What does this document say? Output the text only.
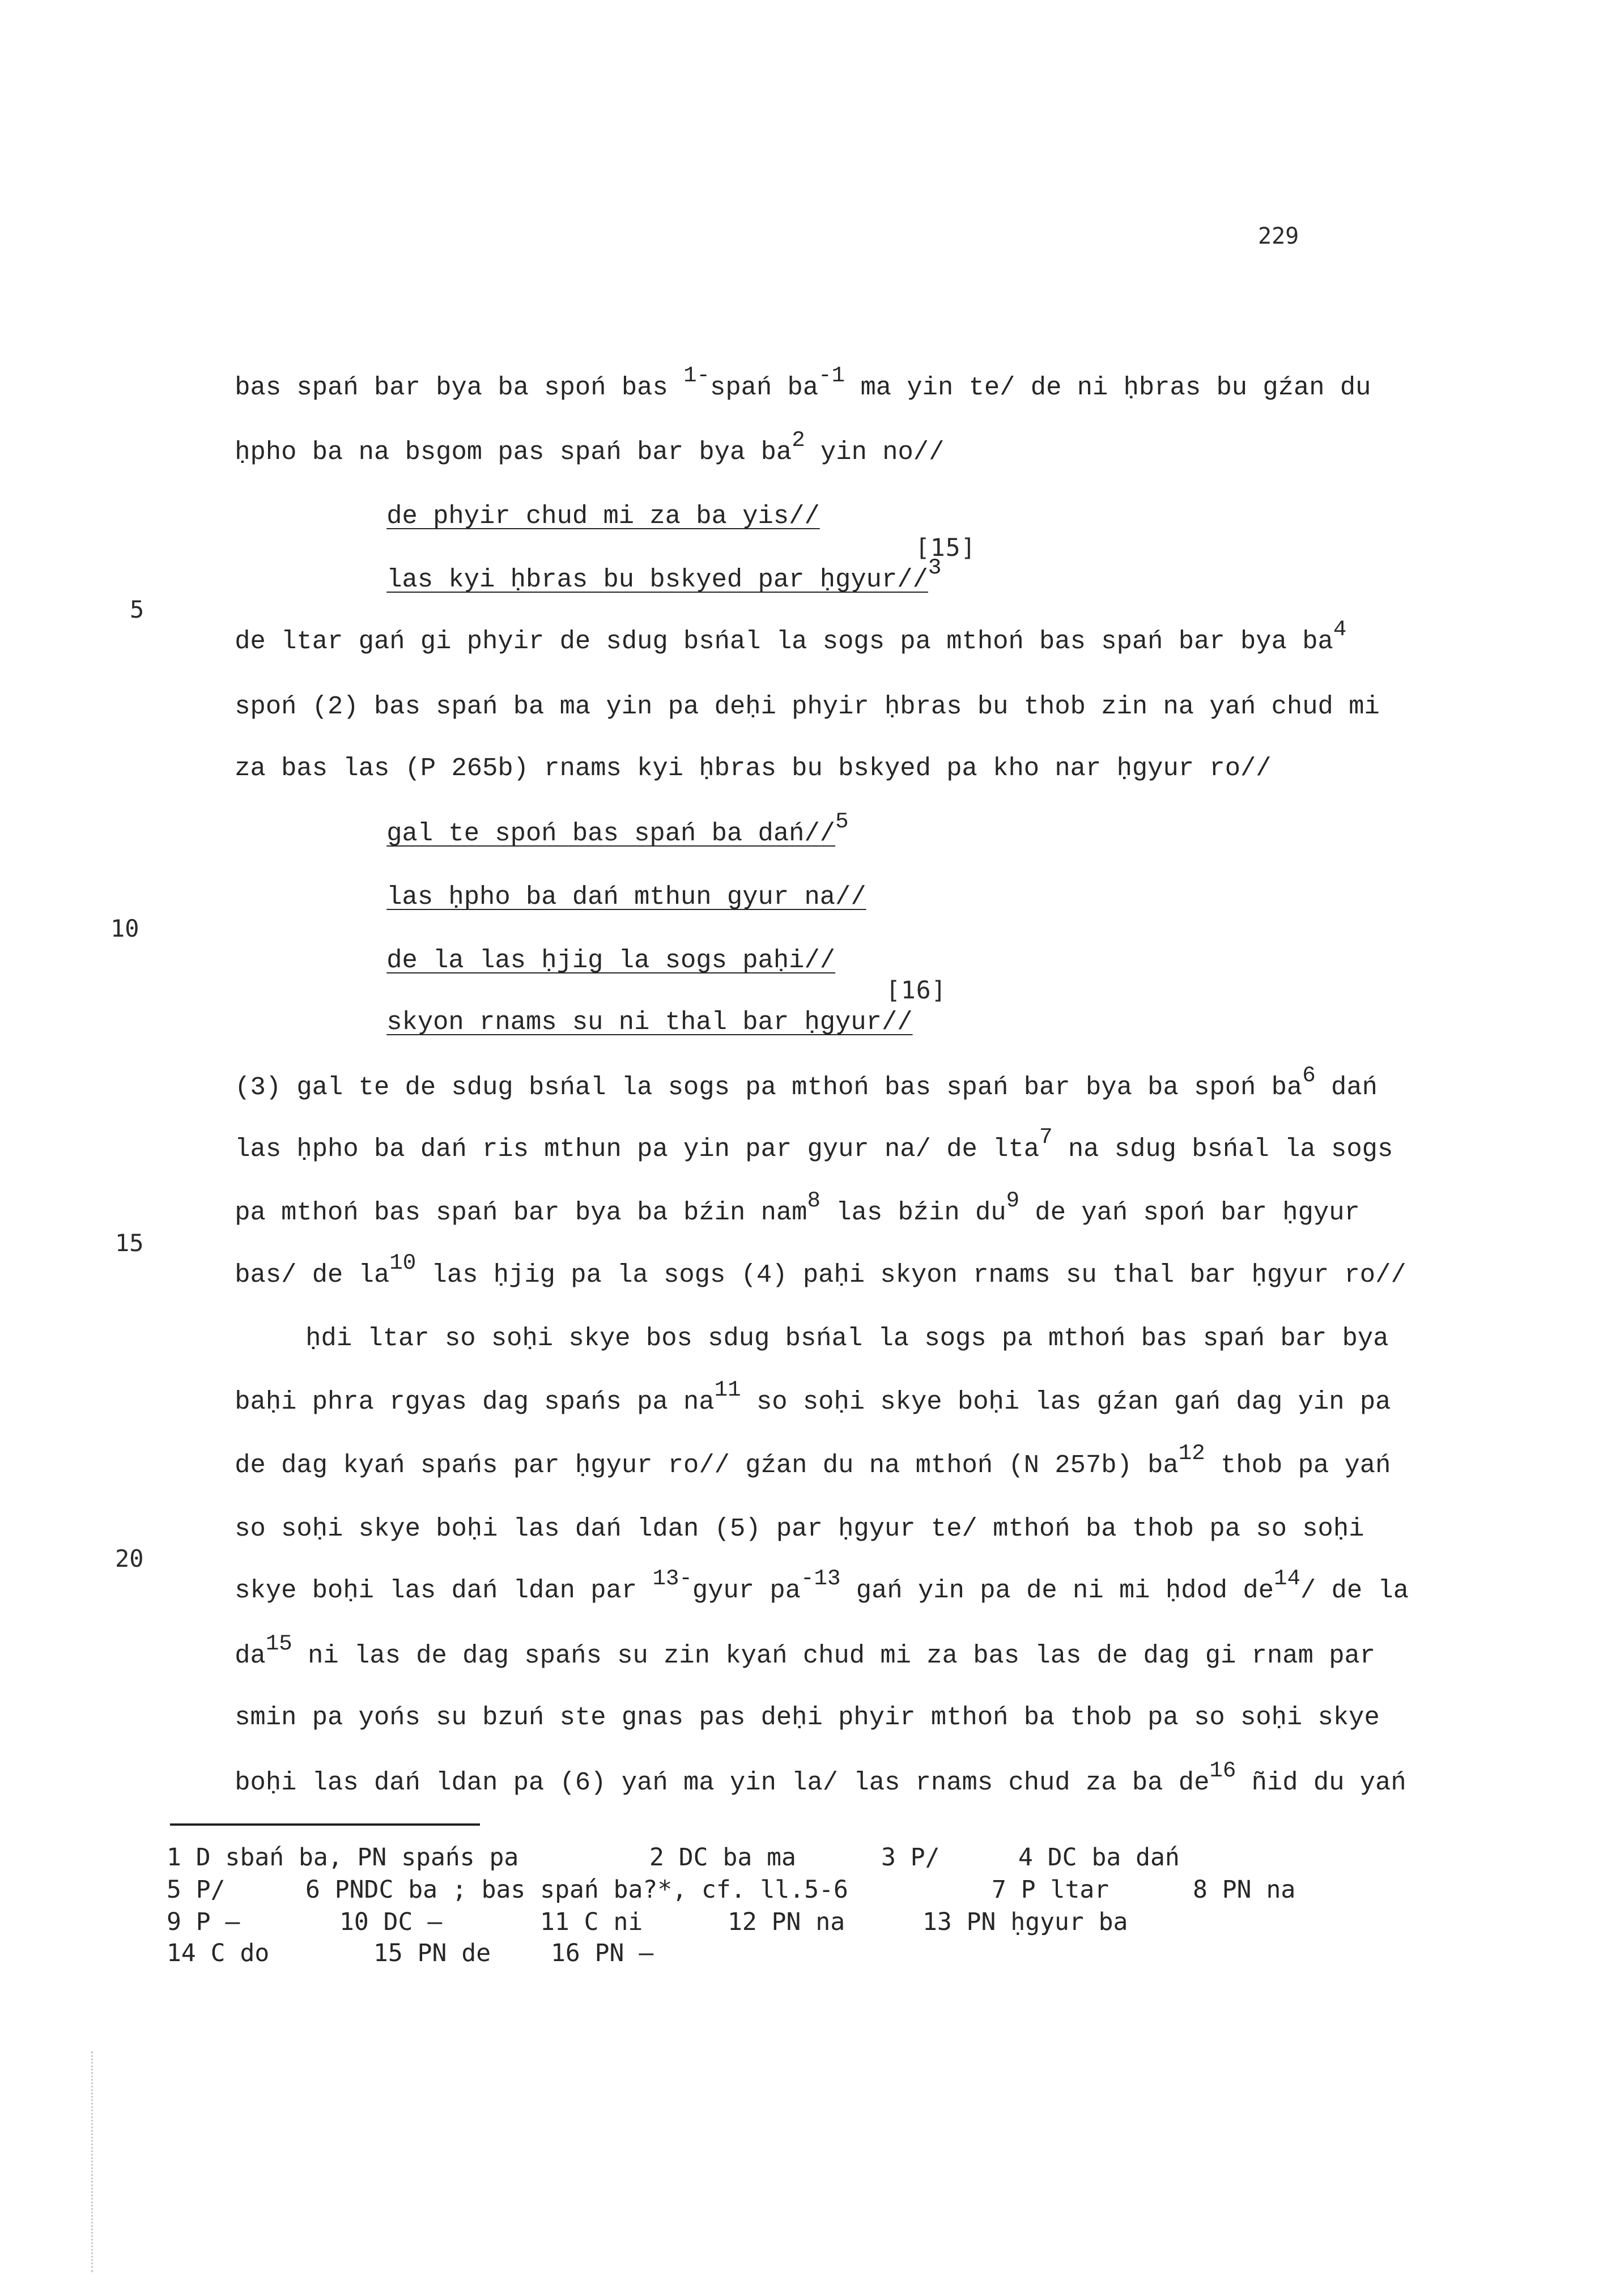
229

bas spań bar bya ba spoń bas 1-spań ba-1 ma yin te/ de ni ḥbras bu gźan du

ḥpho ba na bsgom pas spań bar bya ba2 yin no//

de phyir chud mi za ba yis//

las kyi ḥbras bu bskyed par ḥgyur//3

[15]
5

de ltar gań gi phyir de sdug bsńal la sogs pa mthoń bas spań bar bya ba4

spoń (2) bas spań ba ma yin pa deḥi phyir ḥbras bu thob zin na yań chud mi

za bas las (P 265b) rnams kyi ḥbras bu bskyed pa kho nar ḥgyur ro//

gal te spoń bas spań ba dań//5

las ḥpho ba dań mthun gyur na//

10

de la las ḥjig la sogs paḥi//

skyon rnams su ni thal bar ḥgyur//

[16]

(3) gal te de sdug bsńal la sogs pa mthoń bas spań bar bya ba spoń ba6 dań

las ḥpho ba dań ris mthun pa yin par gyur na/ de lta7 na sdug bsńal la sogs

pa mthoń bas spań bar bya ba bźin nam8 las bźin du9 de yań spoń bar ḥgyur

15

bas/ de la10 las ḥjig pa la sogs (4) paḥi skyon rnams su thal bar ḥgyur ro//

ḥdi ltar so soḥi skye bos sdug bsńal la sogs pa mthoń bas spań bar bya

baḥi phra rgyas dag spańs pa na11 so soḥi skye boḥi las gźan gań dag yin pa

de dag kyań spańs par ḥgyur ro// gźan du na mthoń (N 257b) ba12 thob pa yań

so soḥi skye boḥi las dań ldan (5) par ḥgyur te/ mthoń ba thob pa so soḥi

20

skye boḥi las dań ldan par 13-gyur pa-13 gań yin pa de ni mi ḥdod de14/ de la

da15 ni las de dag spańs su zin kyań chud mi za bas las de dag gi rnam par

smin pa yońs su bzuń ste gnas pas deḥi phyir mthoń ba thob pa so soḥi skye

boḥi las dań ldan pa (6) yań ma yin la/ las rnams chud za ba de16 ñid du yań

1 D sbań ba, PN spańs pa	2 DC ba ma	3 P/	4 DC ba dań
5 P/	6 PNDC ba ; bas spań ba?*, cf. ll.5-6	7 P ltar	8 PN na
9 P —	10 DC —	11 C ni	12 PN na	13 PN ḥgyur ba
14 C do	15 PN de 16 PN —
